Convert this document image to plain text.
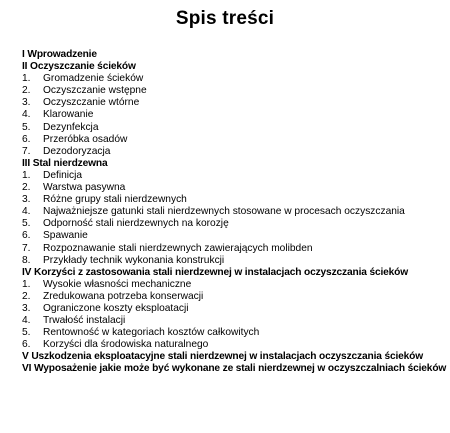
Spis treści
I Wprowadzenie
II Oczyszczanie ścieków
1. Gromadzenie ścieków
2. Oczyszczanie wstępne
3. Oczyszczanie wtórne
4. Klarowanie
5. Dezynfekcja
6. Przeróbka osadów
7. Dezodoryzacja
III Stal nierdzewna
1. Definicja
2. Warstwa pasywna
3. Różne grupy stali nierdzewnych
4. Najważniejsze gatunki stali nierdzewnych stosowane w procesach oczyszczania
5. Odporność stali nierdzewnych na korozję
6. Spawanie
7. Rozpoznawanie stali nierdzewnych zawierających molibden
8. Przykłady technik wykonania konstrukcji
IV Korzyści z zastosowania stali nierdzewnej w instalacjach oczyszczania ścieków
1. Wysokie własności mechaniczne
2. Zredukowana potrzeba konserwacji
3. Ograniczone koszty eksploatacji
4. Trwałość instalacji
5. Rentowność w kategoriach kosztów całkowitych
6. Korzyści dla środowiska naturalnego
V Uszkodzenia eksploatacyjne stali nierdzewnej w instalacjach oczyszczania ścieków
VI Wyposażenie jakie może być wykonane ze stali nierdzewnej w oczyszczalniach ścieków
